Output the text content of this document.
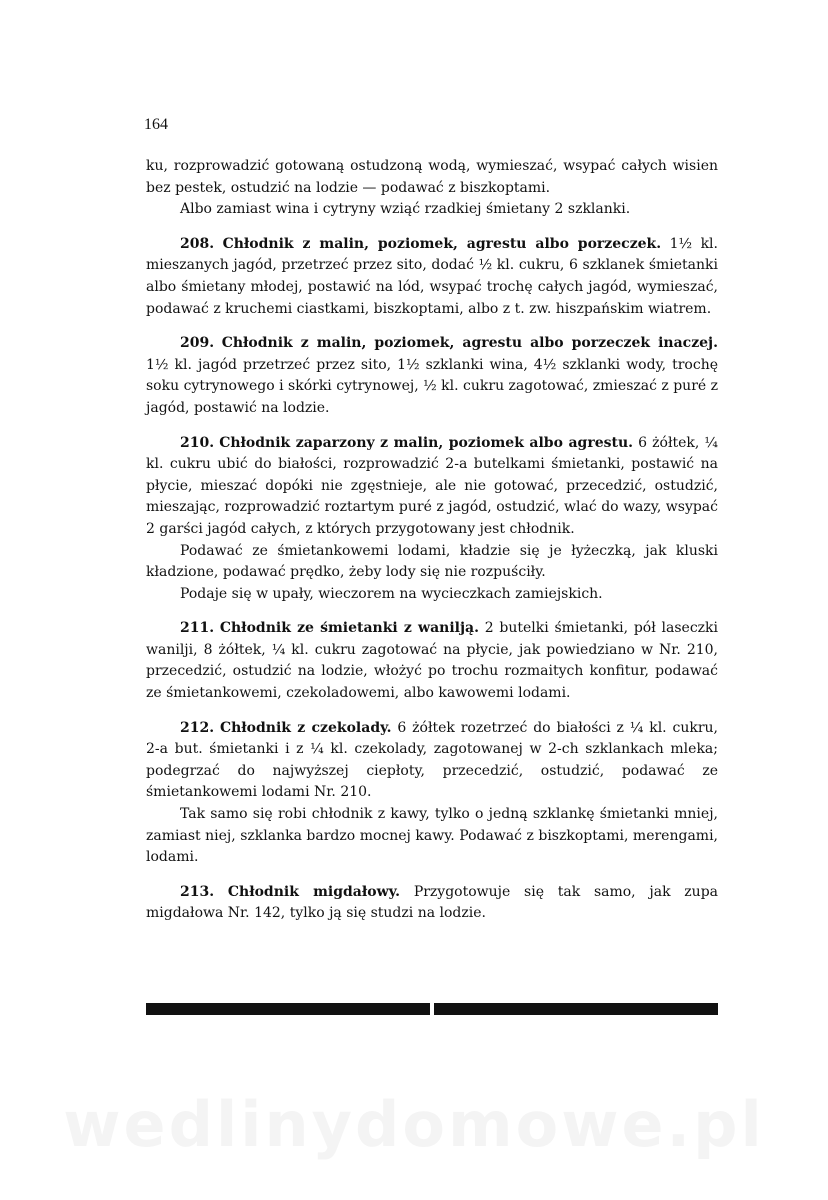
164

ku, rozprowadzić gotowaną ostudzoną wodą, wymieszać, wsypać całych wisien bez pestek, ostudzić na lodzie — podawać z biszkoptami.

Albo zamiast wina i cytryny wziąć rzadkiej śmietany 2 szklanki.

208. Chłodnik z malin, poziomek, agrestu albo porzeczek. 1½ kl. mieszanych jagód, przetrzeć przez sito, dodać ½ kl. cukru, 6 szklanek śmietanki albo śmietany młodej, postawić na lód, wsypać trochę całych jagód, wymieszać, podawać z kruchemi ciastkami, biszkoptami, albo z t. zw. hiszpańskim wiatrem.

209. Chłodnik z malin, poziomek, agrestu albo porzeczek inaczej. 1½ kl. jagód przetrzeć przez sito, 1½ szklanki wina, 4½ szklanki wody, trochę soku cytrynowego i skórki cytrynowej, ½ kl. cukru zagotować, zmieszać z puré z jagód, postawić na lodzie.

210. Chłodnik zaparzony z malin, poziomek albo agrestu. 6 żółtek, ¼ kl. cukru ubić do białości, rozprowadzić 2-a butelkami śmietanki, postawić na płycie, mieszać dopóki nie zgęstnieje, ale nie gotować, przecedzić, ostudzić, mieszając, rozprowadzić roztartym puré z jagód, ostudzić, wlać do wazy, wsypać 2 garści jagód całych, z których przygotowany jest chłodnik.

Podawać ze śmietankowemi lodami, kładzie się je łyżeczką, jak kluski kładzione, podawać prędko, żeby lody się nie rozpuściły.

Podaje się w upały, wieczorem na wycieczkach zamiejskich.

211. Chłodnik ze śmietanki z wanilją. 2 butelki śmietanki, pół laseczki wanilji, 8 żółtek, ¼ kl. cukru zagotować na płycie, jak powiedziano w Nr. 210, przecedzić, ostudzić na lodzie, włożyć po trochu rozmaitych konfitur, podawać ze śmietankowemi, czekoladowemi, albo kawowemi lodami.

212. Chłodnik z czekolady. 6 żółtek rozetrzeć do białości z ¼ kl. cukru, 2-a but. śmietanki i z ¼ kl. czekolady, zagotowanej w 2-ch szklankach mleka; podegrzać do najwyższej ciepłoty, przecedzić, ostudzić, podawać ze śmietankowemi lodami Nr. 210.

Tak samo się robi chłodnik z kawy, tylko o jedną szklankę śmietanki mniej, zamiast niej, szklanka bardzo mocnej kawy. Podawać z biszkoptami, merengami, lodami.

213. Chłodnik migdałowy. Przygotowuje się tak samo, jak zupa migdałowa Nr. 142, tylko ją się studzi na lodzie.

wedlinydomowe.pl
